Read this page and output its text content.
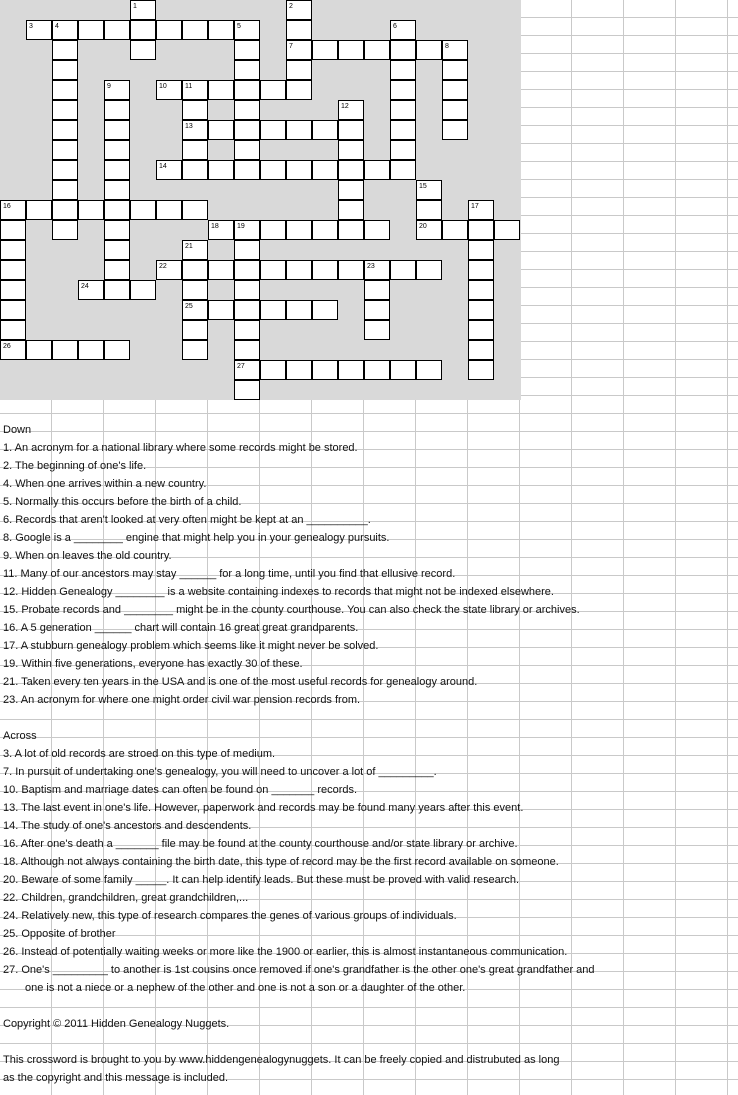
1	2
3	4	5	6
7	8
9	10	11
12
13
14
15
16	17
18	19	20
21
22	23
24
25
26
27
Down
1. An acronym for a national library where some records might be stored.
2. The beginning of one's life.
4. When one arrives within a new country.
5. Normally this occurs before the birth of a child.
6. Records that aren't looked at very often might be kept at an __________.
8. Google is a ________ engine that might help you in your genealogy pursuits.
9. When on leaves the old country.
11. Many of our ancestors may stay ______ for a long time, until you find that ellusive record.
12. Hidden Genealogy ________ is a website containing indexes to records that might not be indexed elsewhere.
15. Probate records and ________ might be in the county courthouse. You can also check the state library or archives.
16. A 5 generation ______ chart will contain 16 great great grandparents.
17. A stubburn genealogy problem which seems like it might never be solved.
19. Within five generations, everyone has exactly 30 of these.
21. Taken every ten years in the USA and is one of the most useful records for genealogy around.
23. An acronym for where one might order civil war pension records from.
Across
3. A lot of old records are stroed on this type of medium.
7. In pursuit of undertaking one's genealogy, you will need to uncover a lot of _________.
10. Baptism and marriage dates can often be found on _______ records.
13. The last event in one's life. However, paperwork and records may be found many years after this event.
14. The study of one's ancestors and descendents.
16. After one's death a _______ file may be found at the county courthouse and/or state library or archive.
18. Although not always containing the birth date, this type of record may be the first record available on someone.
20. Beware of some family _____. It can help identify leads. But these must be proved with valid research.
22. Children, grandchildren, great grandchildren,...
24. Relatively new, this type of research compares the genes of various groups of individuals.
25. Opposite of brother
26. Instead of potentially waiting weeks or more like the 1900 or earlier, this is almost instantaneous communication.
27. One's _________ to another is 1st cousins once removed if one's grandfather is the other one's great grandfather and
one is not a niece or a nephew of the other and one is not a son or a daughter of the other.
Copyright © 2011 Hidden Genealogy Nuggets.
This crossword is brought to you by www.hiddengenealogynuggets. It can be freely copied and distrubuted as long
as the copyright and this message is included.
